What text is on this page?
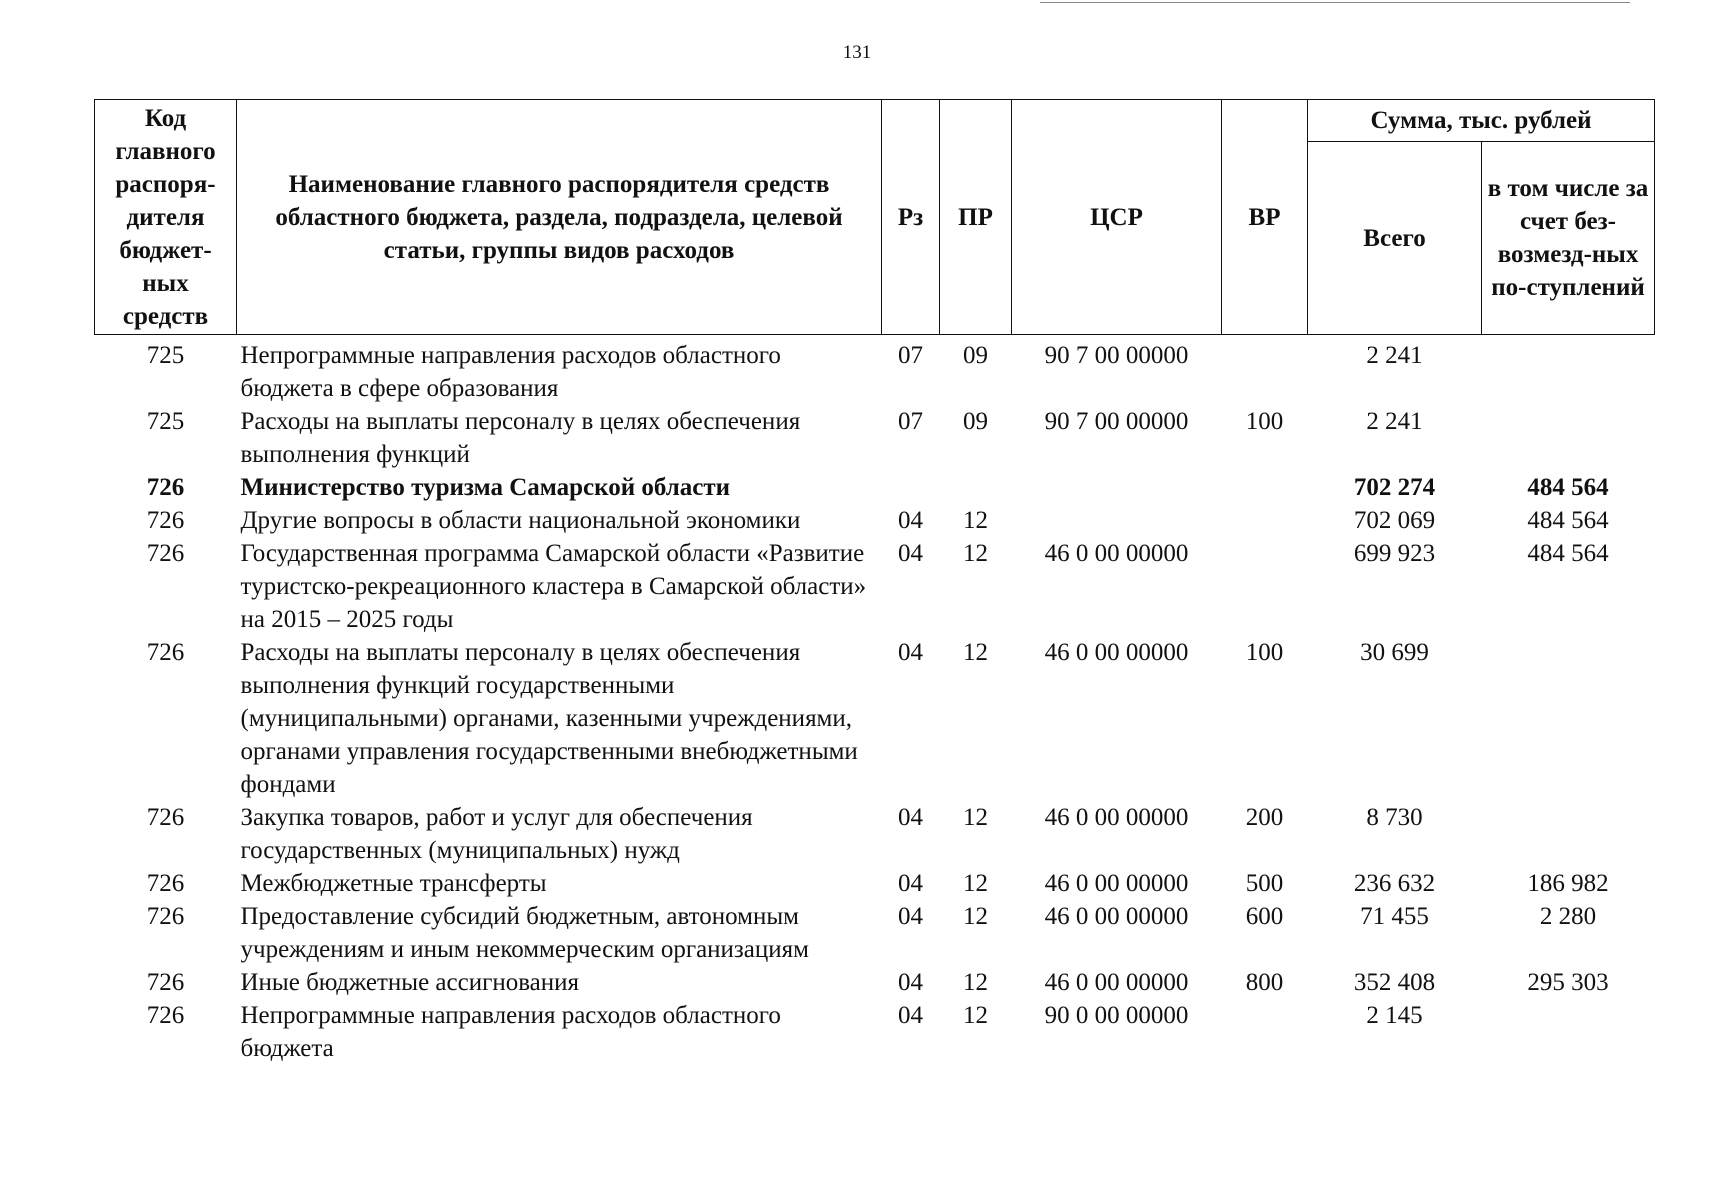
131
Код главного распоря-дителя бюджет-ных средств	Наименование главного распорядителя средств областного бюджета, раздела, подраздела, целевой статьи, группы видов расходов	Рз	ПР	ЦСР	ВР	Сумма, тыс. рублей	
						Всего	в том числе за счет без-возмезд-ных по-ступлений
725	Непрограммные направления расходов областного бюджета в сфере образования	07	09	90 7 00 00000		2 241	
725	Расходы на выплаты персоналу в целях обеспечения выполнения функций	07	09	90 7 00 00000	100	2 241	
726	Министерство туризма Самарской области					702 274	484 564
726	Другие вопросы в области национальной экономики	04	12			702 069	484 564
726	Государственная программа Самарской области «Развитие туристско-рекреационного кластера в Самарской области» на 2015 – 2025 годы	04	12	46 0 00 00000		699 923	484 564
726	Расходы на выплаты персоналу в целях обеспечения выполнения функций государственными (муниципальными) органами, казенными учреждениями, органами управления государственными внебюджетными фондами	04	12	46 0 00 00000	100	30 699	
726	Закупка товаров, работ и услуг для обеспечения государственных (муниципальных) нужд	04	12	46 0 00 00000	200	8 730	
726	Межбюджетные трансферты	04	12	46 0 00 00000	500	236 632	186 982
726	Предоставление субсидий бюджетным, автономным учреждениям и иным некоммерческим организациям	04	12	46 0 00 00000	600	71 455	2 280
726	Иные бюджетные ассигнования	04	12	46 0 00 00000	800	352 408	295 303
726	Непрограммные направления расходов областного бюджета	04	12	90 0 00 00000		2 145	
